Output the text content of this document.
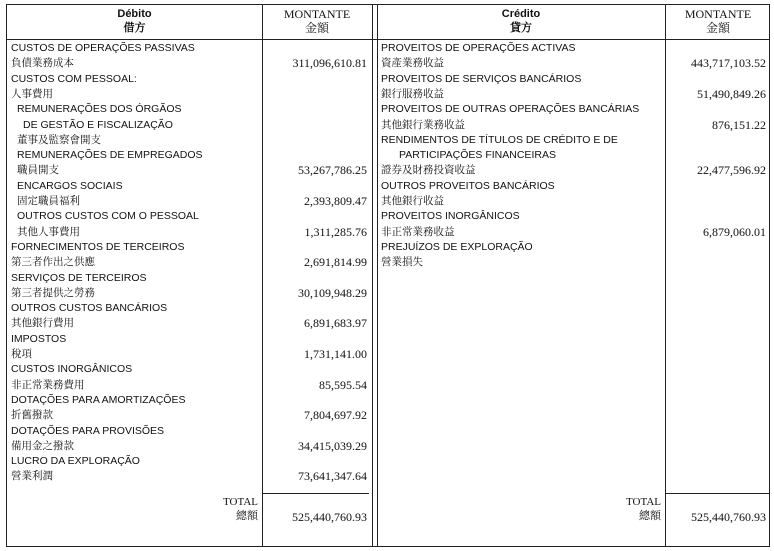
Débito
借方
MONTANTE
金額
Crédito
貸方
MONTANTE
金額
CUSTOS DE OPERAÇÕES PASSIVAS
負債業務成本	311,096,610.81
CUSTOS COM PESSOAL:
人事費用
REMUNERAÇÕES DOS ÓRGÃOS
DE GESTÃO E FISCALIZAÇÃO
董事及監察會開支
REMUNERAÇÕES DE EMPREGADOS
職員開支	53,267,786.25
ENCARGOS SOCIAIS
固定職員福利	2,393,809.47
OUTROS CUSTOS COM O PESSOAL
其他人事費用	1,311,285.76
FORNECIMENTOS DE TERCEIROS
第三者作出之供應	2,691,814.99
SERVIÇOS DE TERCEIROS
第三者提供之勞務	30,109,948.29
OUTROS CUSTOS BANCÁRIOS
其他銀行費用	6,891,683.97
IMPOSTOS
稅項	1,731,141.00
CUSTOS INORGÂNICOS
非正常業務費用	85,595.54
DOTAÇÕES PARA AMORTIZAÇÕES
折舊撥款	7,804,697.92
DOTAÇÕES PARA PROVISÕES
備用金之撥款	34,415,039.29
LUCRO DA EXPLORAÇÃO
營業利潤	73,641,347.64
PROVEITOS DE OPERAÇÕES ACTIVAS
資產業務收益	443,717,103.52
PROVEITOS DE SERVIÇOS BANCÁRIOS
銀行服務收益	51,490,849.26
PROVEITOS DE OUTRAS OPERAÇÕES BANCÁRIAS
其他銀行業務收益	876,151.22
RENDIMENTOS DE TÍTULOS DE CRÉDITO E DE
PARTICIPAÇÕES FINANCEIRAS
證券及財務投資收益	22,477,596.92
OUTROS PROVEITOS BANCÁRIOS
其他銀行收益
PROVEITOS INORGÂNICOS
非正常業務收益	6,879,060.01
PREJUÍZOS DE EXPLORAÇÃO
營業損失
TOTAL
總額	525,440,760.93
TOTAL
總額	525,440,760.93
